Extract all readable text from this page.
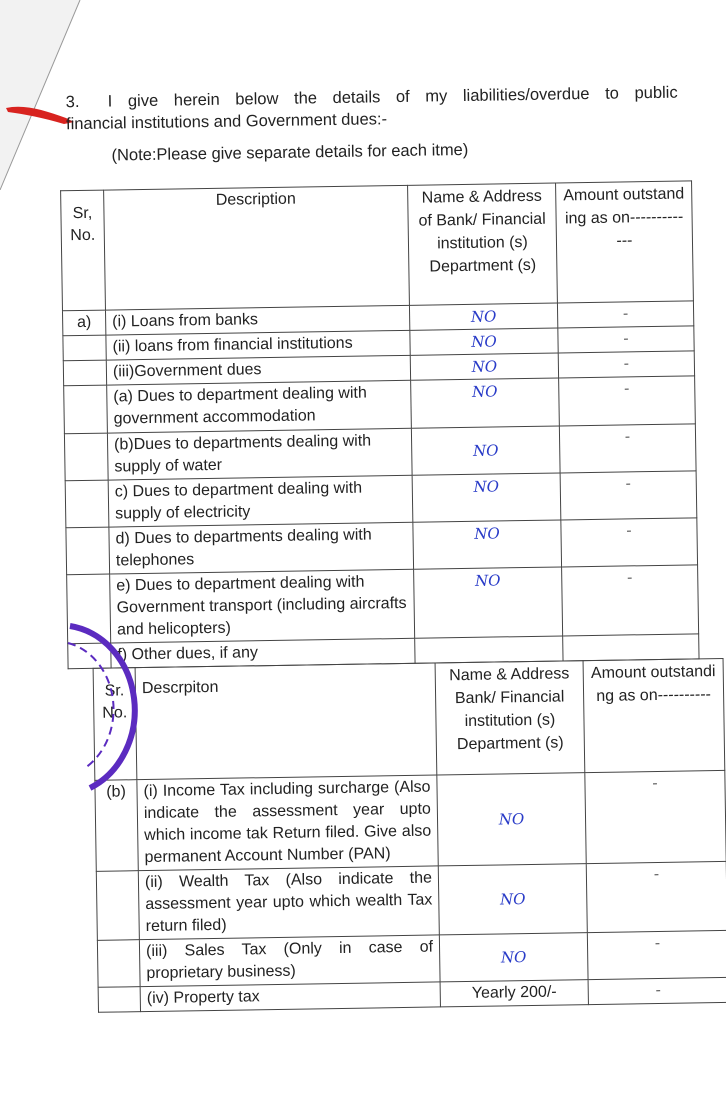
3. I give herein below the details of my liabilities/overdue to public
financial institutions and Government dues:-
(Note:Please give separate details for each itme)
Sr, No.	Description	Name & Address of Bank/ Financial institution (s) Department (s)	Amount outstanding as on-------------
a)	(i) Loans from banks	NO	-
	(ii) loans from financial institutions	NO	-
	(iii)Government dues	NO	-
	(a) Dues to department dealing with government accommodation	NO	-
	(b)Dues to departments dealing with supply of water	NO	-
	c) Dues to department dealing with supply of electricity	NO	-
	d) Dues to departments dealing with telephones	NO	-
	e) Dues to department dealing with Government transport (including aircrafts and helicopters)	NO	-
	f) Other dues, if any		
Sr. No.	Descrpiton	Name & Address Bank/ Financial institution (s) Department (s)	Amount outstanding as on----------
(b)	(i) Income Tax including surcharge (Also indicate the assessment year upto which income tak Return filed. Give also permanent Account Number (PAN)	NO	-
	(ii) Wealth Tax (Also indicate the assessment year upto which wealth Tax return filed)	NO	-
	(iii) Sales Tax (Only in case of proprietary business)	NO	-
	(iv) Property tax	Yearly 200/-	-
